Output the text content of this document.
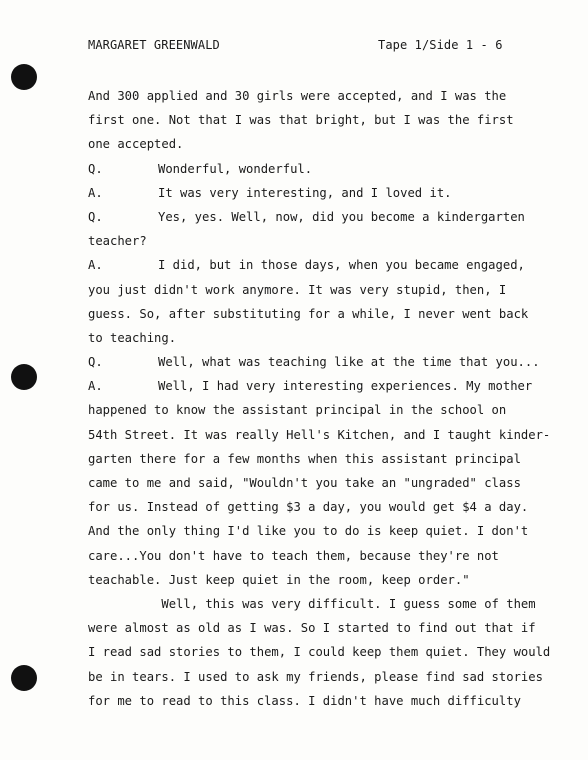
MARGARET GREENWALD	Tape 1/Side 1 - 6
And 300 applied and 30 girls were accepted, and I was the
first one. Not that I was that bright, but I was the first
one accepted.
Q.	Wonderful, wonderful.
A.	It was very interesting, and I loved it.
Q.	Yes, yes. Well, now, did you become a kindergarten
teacher?
A.	I did, but in those days, when you became engaged,
you just didn't work anymore. It was very stupid, then, I
guess. So, after substituting for a while, I never went back
to teaching.
Q.	Well, what was teaching like at the time that you...
A.	Well, I had very interesting experiences. My mother
happened to know the assistant principal in the school on
54th Street. It was really Hell's Kitchen, and I taught kinder-
garten there for a few months when this assistant principal
came to me and said, "Wouldn't you take an "ungraded" class
for us. Instead of getting $3 a day, you would get $4 a day.
And the only thing I'd like you to do is keep quiet. I don't
care...You don't have to teach them, because they're not
teachable. Just keep quiet in the room, keep order."
Well, this was very difficult. I guess some of them
were almost as old as I was. So I started to find out that if
I read sad stories to them, I could keep them quiet. They would
be in tears. I used to ask my friends, please find sad stories
for me to read to this class. I didn't have much difficulty
